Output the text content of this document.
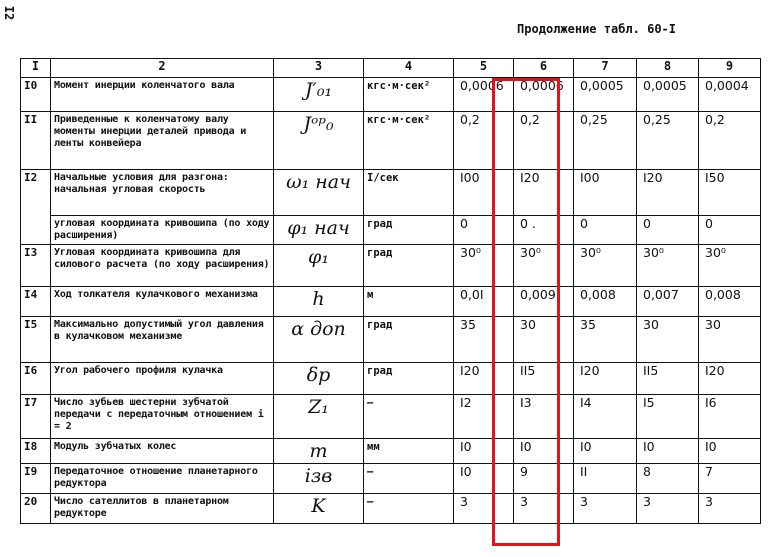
I2
Продолжение табл. 60-I
I	2	3	4	5	6	7	8	9
I0	Момент инерции коленчатого вала	J′₀₁	кгс·м·сек²	0,0006	0,0006	0,0005	0,0005	0,0004
II	Приведенные к коленчатому валу моменты инерции деталей привода и ленты конвейера	Jᵒᵖ₀	кгс·м·сек²	0,2	0,2	0,25	0,25	0,2
I2	Начальные условия для разгона: начальная угловая скорость	ω₁ нач	I/сек	I00	I20	I00	I20	I50
	угловая координата кривошипа (по ходу расширения)	φ₁ нач	град	0	0 .	0	0	0
I3	Угловая координата кривошипа для силового расчета (по ходу расширения)	φ₁	град	30⁰	30⁰	30⁰	30⁰	30⁰
I4	Ход толкателя кулачкового механизма	h	м	0,0I	0,009	0,008	0,007	0,008
I5	Максимально допустимый угол давления в кулачковом механизме	α доп	град	35	30	35	30	30
I6	Угол рабочего профиля кулачка	δp	град	I20	II5	I20	II5	I20
I7	Число зубьев шестерни зубчатой передачи с передаточным отношением i = 2	Z₁	–	I2	I3	I4	I5	I6
I8	Модуль зубчатых колес	m	мм	I0	I0	I0	I0	I0
I9	Передаточное отношение планетарного редуктора	iзв	–	I0	9	II	8	7
20	Число сателлитов в планетарном редукторе	K	–	3	3	3	3	3
